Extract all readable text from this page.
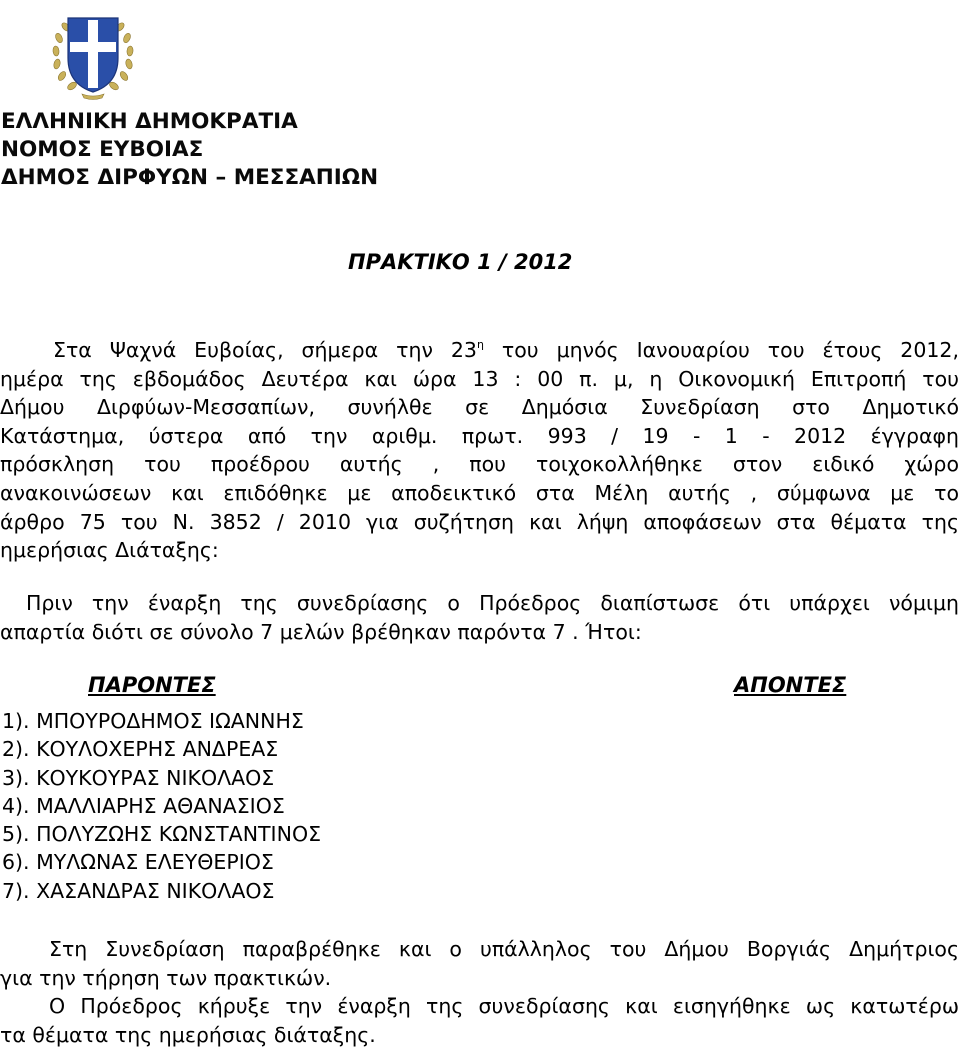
ΕΛΛΗΝΙΚΗ ΔΗΜΟΚΡΑΤΙΑ
ΝΟΜΟΣ ΕΥΒΟΙΑΣ
ΔΗΜΟΣ ΔΙΡΦΥΩΝ – ΜΕΣΣΑΠΙΩΝ
ΠΡΑΚΤΙΚΟ 1 / 2012
Στα Ψαχνά Ευβοίας, σήμερα την $23^\eta$ του μηνός Ιανουαρίου του έτους 2012,
ημέρα της εβδομάδος Δευτέρα και ώρα 13 : 00 π. μ, η Οικονομική Επιτροπή του
Δήμου Διρφύων-Μεσσαπίων, συνήλθε σε Δημόσια Συνεδρίαση στο Δημοτικό
Κατάστημα, ύστερα από την αριθμ. πρωτ. 993 / 19 - 1 - 2012 έγγραφη
πρόσκληση του προέδρου αυτής , που τοιχοκολλήθηκε στον ειδικό χώρο
ανακοινώσεων και επιδόθηκε με αποδεικτικό στα Μέλη αυτής , σύμφωνα με το
άρθρο 75 του Ν. 3852 / 2010 για συζήτηση και λήψη αποφάσεων στα θέματα της
ημερήσιας Διάταξης:
Πριν την έναρξη της συνεδρίασης ο Πρόεδρος διαπίστωσε ότι υπάρχει νόμιμη
απαρτία διότι σε σύνολο 7 μελών βρέθηκαν παρόντα 7 . Ήτοι:
ΠΑΡΟΝΤΕΣ	ΑΠΟΝΤΕΣ
1). ΜΠΟΥΡΟΔΗΜΟΣ ΙΩΑΝΝΗΣ
2). ΚΟΥΛΟΧΕΡΗΣ ΑΝΔΡΕΑΣ
3). ΚΟΥΚΟΥΡΑΣ ΝΙΚΟΛΑΟΣ
4). ΜΑΛΛΙΑΡΗΣ ΑΘΑΝΑΣΙΟΣ
5). ΠΟΛΥΖΩΗΣ ΚΩΝΣΤΑΝΤΙΝΟΣ
6). ΜΥΛΩΝΑΣ ΕΛΕΥΘΕΡΙΟΣ
7). ΧΑΣΑΝΔΡΑΣ ΝΙΚΟΛΑΟΣ
Στη Συνεδρίαση παραβρέθηκε και ο υπάλληλος του Δήμου Βοργιάς Δημήτριος
για την τήρηση των πρακτικών.
Ο Πρόεδρος κήρυξε την έναρξη της συνεδρίασης και εισηγήθηκε ως κατωτέρω
τα θέματα της ημερήσιας διάταξης.
